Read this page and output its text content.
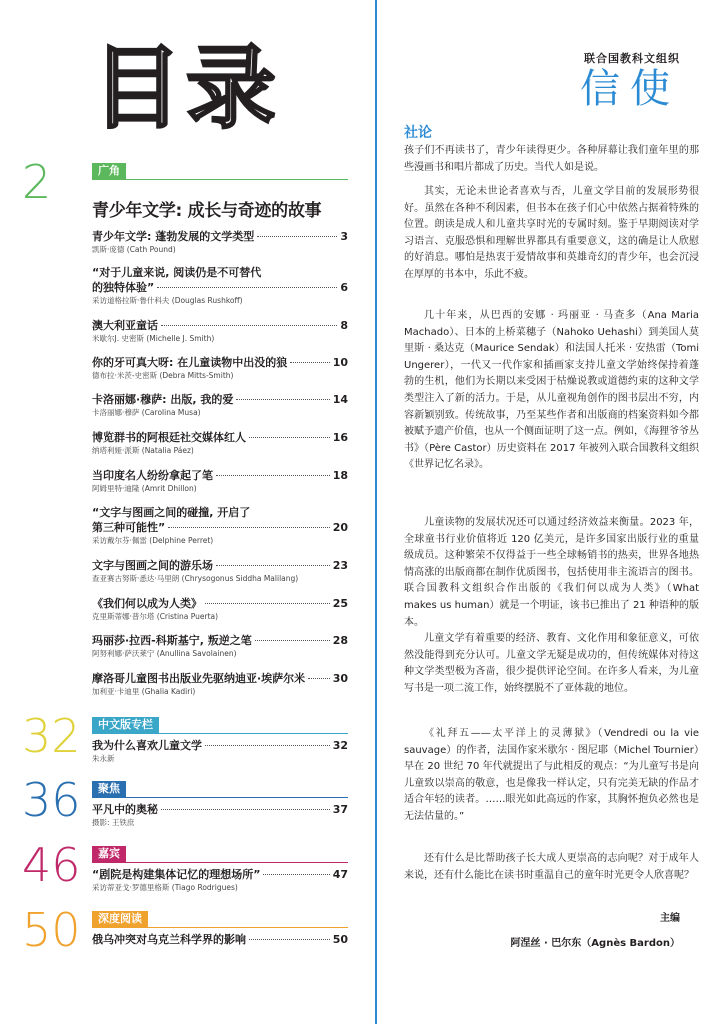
目录
2	广角
青少年文学: 成长与奇迹的故事
青少年文学: 蓬勃发展的文学类型	3
凯斯·庞德 (Cath Pound)
“对于儿童来说, 阅读仍是不可替代
的独特体验”	6
采访道格拉斯·鲁什科夫 (Douglas Rushkoff)
澳大利亚童话	8
米歇尔J. 史密斯 (Michelle J. Smith)
你的牙可真大呀: 在儿童读物中出没的狼	10
德布拉·米茨-史密斯 (Debra Mitts-Smith)
卡洛丽娜·穆萨: 出版, 我的爱	14
卡洛丽娜·穆萨 (Carolina Musa)
博览群书的阿根廷社交媒体红人	16
纳塔利娅·派斯 (Natalia Páez)
当印度名人纷纷拿起了笔	18
阿姆里特·迪隆 (Amrit Dhillon)
“文字与图画之间的碰撞, 开启了
第三种可能性”	20
采访戴尔芬·佩雷 (Delphine Perret)
文字与图画之间的游乐场	23
查亚赛古努斯·悉达·马里朗 (Chrysogonus Siddha Malilang)
《我们何以成为人类》	25
克里斯蒂娜·普尔塔 (Cristina Puerta)
玛丽莎·拉西-科斯基宁, 叛逆之笔	28
阿努利娜·萨沃莱宁 (Anullina Savolainen)
摩洛哥儿童图书出版业先驱纳迪亚·埃萨尔米	30
加利亚·卡迪里 (Ghalia Kadiri)
32	中文版专栏
我为什么喜欢儿童文学	32
朱永新
36	聚焦
平凡中的奥秘	37
摄影: 王铁庶
46	嘉宾
“剧院是构建集体记忆的理想场所”	47
采访蒂亚戈·罗德里格斯 (Tiago Rodrigues)
50	深度阅读
俄乌冲突对乌克兰科学界的影响	50
联合国教科文组织
信使
社论

孩子们不再读书了，青少年读得更少。各种屏幕让我们童年里的那些漫画书和唱片都成了历史。当代人如是说。

其实，无论未世论者喜欢与否，儿童文学目前的发展形势很好。虽然在各种不利因素，但书本在孩子们心中依然占据着特殊的位置。朗读是成人和儿童共享时光的专属时刻。鉴于早期阅读对学习语言、克服恐惧和理解世界都具有重要意义，这的确是让人欣慰的好消息。哪怕是热衷于爱情故事和英雄奇幻的青少年，也会沉浸在厚厚的书本中，乐此不疲。

几十年来，从巴西的安娜 · 玛丽亚 · 马查多（Ana Maria Machado）、日本的上桥菜穗子（Nahoko Uehashi）到美国人莫里斯 · 桑达克（Maurice Sendak）和法国人托米 · 安热雷（Tomi Ungerer），一代又一代作家和插画家支持儿童文学始终保持着蓬勃的生机，他们为长期以来受困于枯燥说教或道德约束的这种文学类型注入了新的活力。于是，从儿童视角创作的图书层出不穷，内容新颖别致。传统故事，乃至某些作者和出版商的档案资料如今都被赋予遗产价值，也从一个侧面证明了这一点。例如，《海狸爷爷丛书》（Père Castor）历史资料在 2017 年被列入联合国教科文组织《世界记忆名录》。

儿童读物的发展状况还可以通过经济效益来衡量。2023 年，全球童书行业价值将近 120 亿美元，是许多国家出版行业的重量级成员。这种繁荣不仅得益于一些全球畅销书的热卖，世界各地热情高涨的出版商都在制作优质图书，包括使用非主流语言的图书。联合国教科文组织合作出版的《我们何以成为人类》（What makes us human）就是一个明证，该书已推出了 21 种语种的版本。

儿童文学有着重要的经济、教育、文化作用和象征意义，可依然没能得到充分认可。儿童文学无疑是成功的，但传统媒体对待这种文学类型极为吝啬，很少提供评论空间。在许多人看来，为儿童写书是一项二流工作，始终摆脱不了亚体裁的地位。

《礼拜五——太平洋上的灵薄狱》（Vendredi ou la vie sauvage）的作者，法国作家米歇尔 · 图尼耶（Michel Tournier）早在 20 世纪 70 年代就提出了与此相反的观点：“为儿童写书是向儿童致以崇高的敬意，也是像我一样认定，只有完美无缺的作品才适合年轻的读者。……眼光如此高远的作家，其胸怀抱负必然也是无法估量的。”

还有什么是比帮助孩子长大成人更崇高的志向呢？对于成年人来说，还有什么能比在读书时重温自己的童年时光更令人欣喜呢？

主编
阿涅丝 · 巴尔东（Agnès Bardon）
